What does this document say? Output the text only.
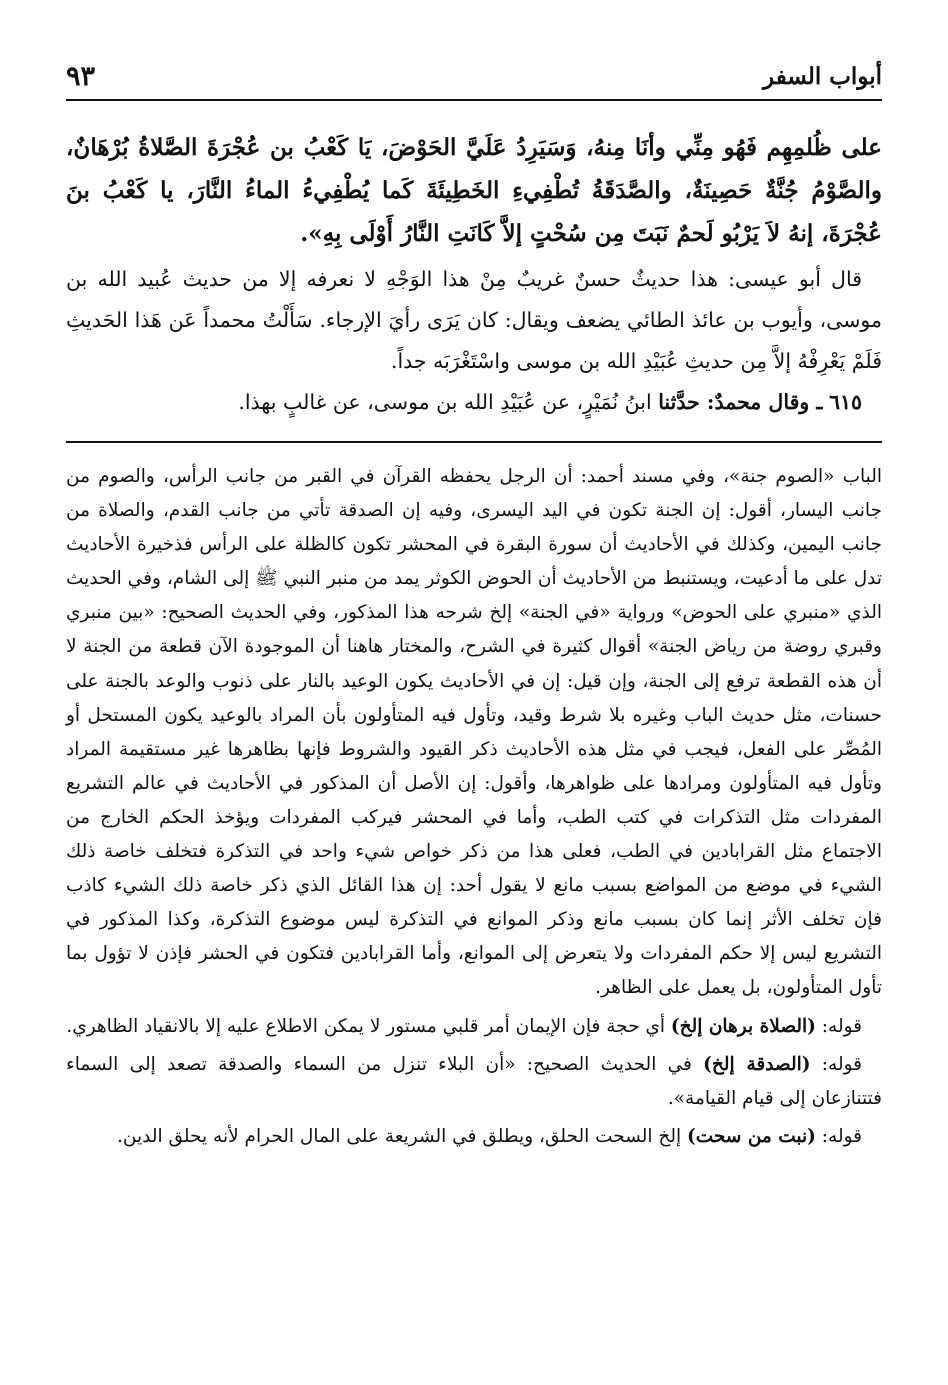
٩٣	أبواب السفر

على ظُلمِهِم فَهُو مِنِّي وأنَا مِنهُ، وَسَيَرِدُ عَلَيَّ الحَوْضَ، يَا كَعْبُ بن عُجْرَةَ الصَّلاةُ بُرْهَانٌ، والصَّوْمُ جُنَّةٌ حَصِينَةٌ، والصَّدَقَةُ تُطْفِيءِ الخَطِيئَةَ كَما يُطْفِيءُ الماءُ النَّارَ، يا كَعْبُ بنَ عُجْرَةَ، إنهُ لاَ يَرْبُو لَحمٌ نَبَتَ مِن سُحْتٍ إلاَّ كَانَتِ النَّارُ أَوْلَى بِهِ».

قال أبو عيسى: هذا حديثٌ حسنٌ غريبٌ مِنْ هذا الوَجْهِ لا نعرفه إلا من حديث عُبيد الله بن موسى، وأيوب بن عائذ الطائي يضعف ويقال: كان يَرَى رأيَ الإرجاء. سَأَلْتُ محمداً عَن هَذا الحَديثِ فَلَمْ يَعْرِفْهُ إلاَّ مِن حديثِ عُبَيْدِ الله بن موسى واسْتَغْرَبَه جداً.

٦١٥ ـ وقال محمدٌ: حدَّثنا ابنُ نُمَيْرٍ، عن عُبَيْدِ الله بن موسى، عن غالبٍ بهذا.

الباب «الصوم جنة»، وفي مسند أحمد: أن الرجل يحفظه القرآن في القبر من جانب الرأس، والصوم من جانب اليسار، أقول: إن الجنة تكون في اليد اليسرى، وفيه إن الصدقة تأتي من جانب القدم، والصلاة من جانب اليمين، وكذلك في الأحاديث أن سورة البقرة في المحشر تكون كالظلة على الرأس فذخيرة الأحاديث تدل على ما أدعيت، ويستنبط من الأحاديث أن الحوض الكوثر يمد من منبر النبي ﷺ إلى الشام، وفي الحديث الذي «منبري على الحوض» ورواية «في الجنة» إلخ شرحه هذا المذكور، وفي الحديث الصحيح: «بين منبري وقبري روضة من رياض الجنة» أقوال كثيرة في الشرح، والمختار هاهنا أن الموجودة الآن قطعة من الجنة لا أن هذه القطعة ترفع إلى الجنة، وإن قيل: إن في الأحاديث يكون الوعيد بالنار على ذنوب والوعد بالجنة على حسنات، مثل حديث الباب وغيره بلا شرط وقيد، وتأول فيه المتأولون بأن المراد بالوعيد يكون المستحل أو المُصِّر على الفعل، فيجب في مثل هذه الأحاديث ذكر القيود والشروط فإنها بظاهرها غير مستقيمة المراد وتأول فيه المتأولون ومرادها على ظواهرها، وأقول: إن الأصل أن المذكور في الأحاديث في عالم التشريع المفردات مثل التذكرات في كتب الطب، وأما في المحشر فيركب المفردات ويؤخذ الحكم الخارج من الاجتماع مثل القرابادين في الطب، فعلى هذا من ذكر خواص شيء واحد في التذكرة فتخلف خاصة ذلك الشيء في موضع من المواضع بسبب مانع لا يقول أحد: إن هذا القائل الذي ذكر خاصة ذلك الشيء كاذب فإن تخلف الأثر إنما كان بسبب مانع وذكر الموانع في التذكرة ليس موضوع التذكرة، وكذا المذكور في التشريع ليس إلا حكم المفردات ولا يتعرض إلى الموانع، وأما القرابادين فتكون في الحشر فإذن لا تؤول بما تأول المتأولون، بل يعمل على الظاهر.

قوله: (الصلاة برهان إلخ) أي حجة فإن الإيمان أمر قلبي مستور لا يمكن الاطلاع عليه إلا بالانقياد الظاهري.

قوله: (الصدقة إلخ) في الحديث الصحيح: «أن البلاء تنزل من السماء والصدقة تصعد إلى السماء فتتنازعان إلى قيام القيامة».

قوله: (نبت من سحت) إلخ السحت الحلق، ويطلق في الشريعة على المال الحرام لأنه يحلق الدين.
